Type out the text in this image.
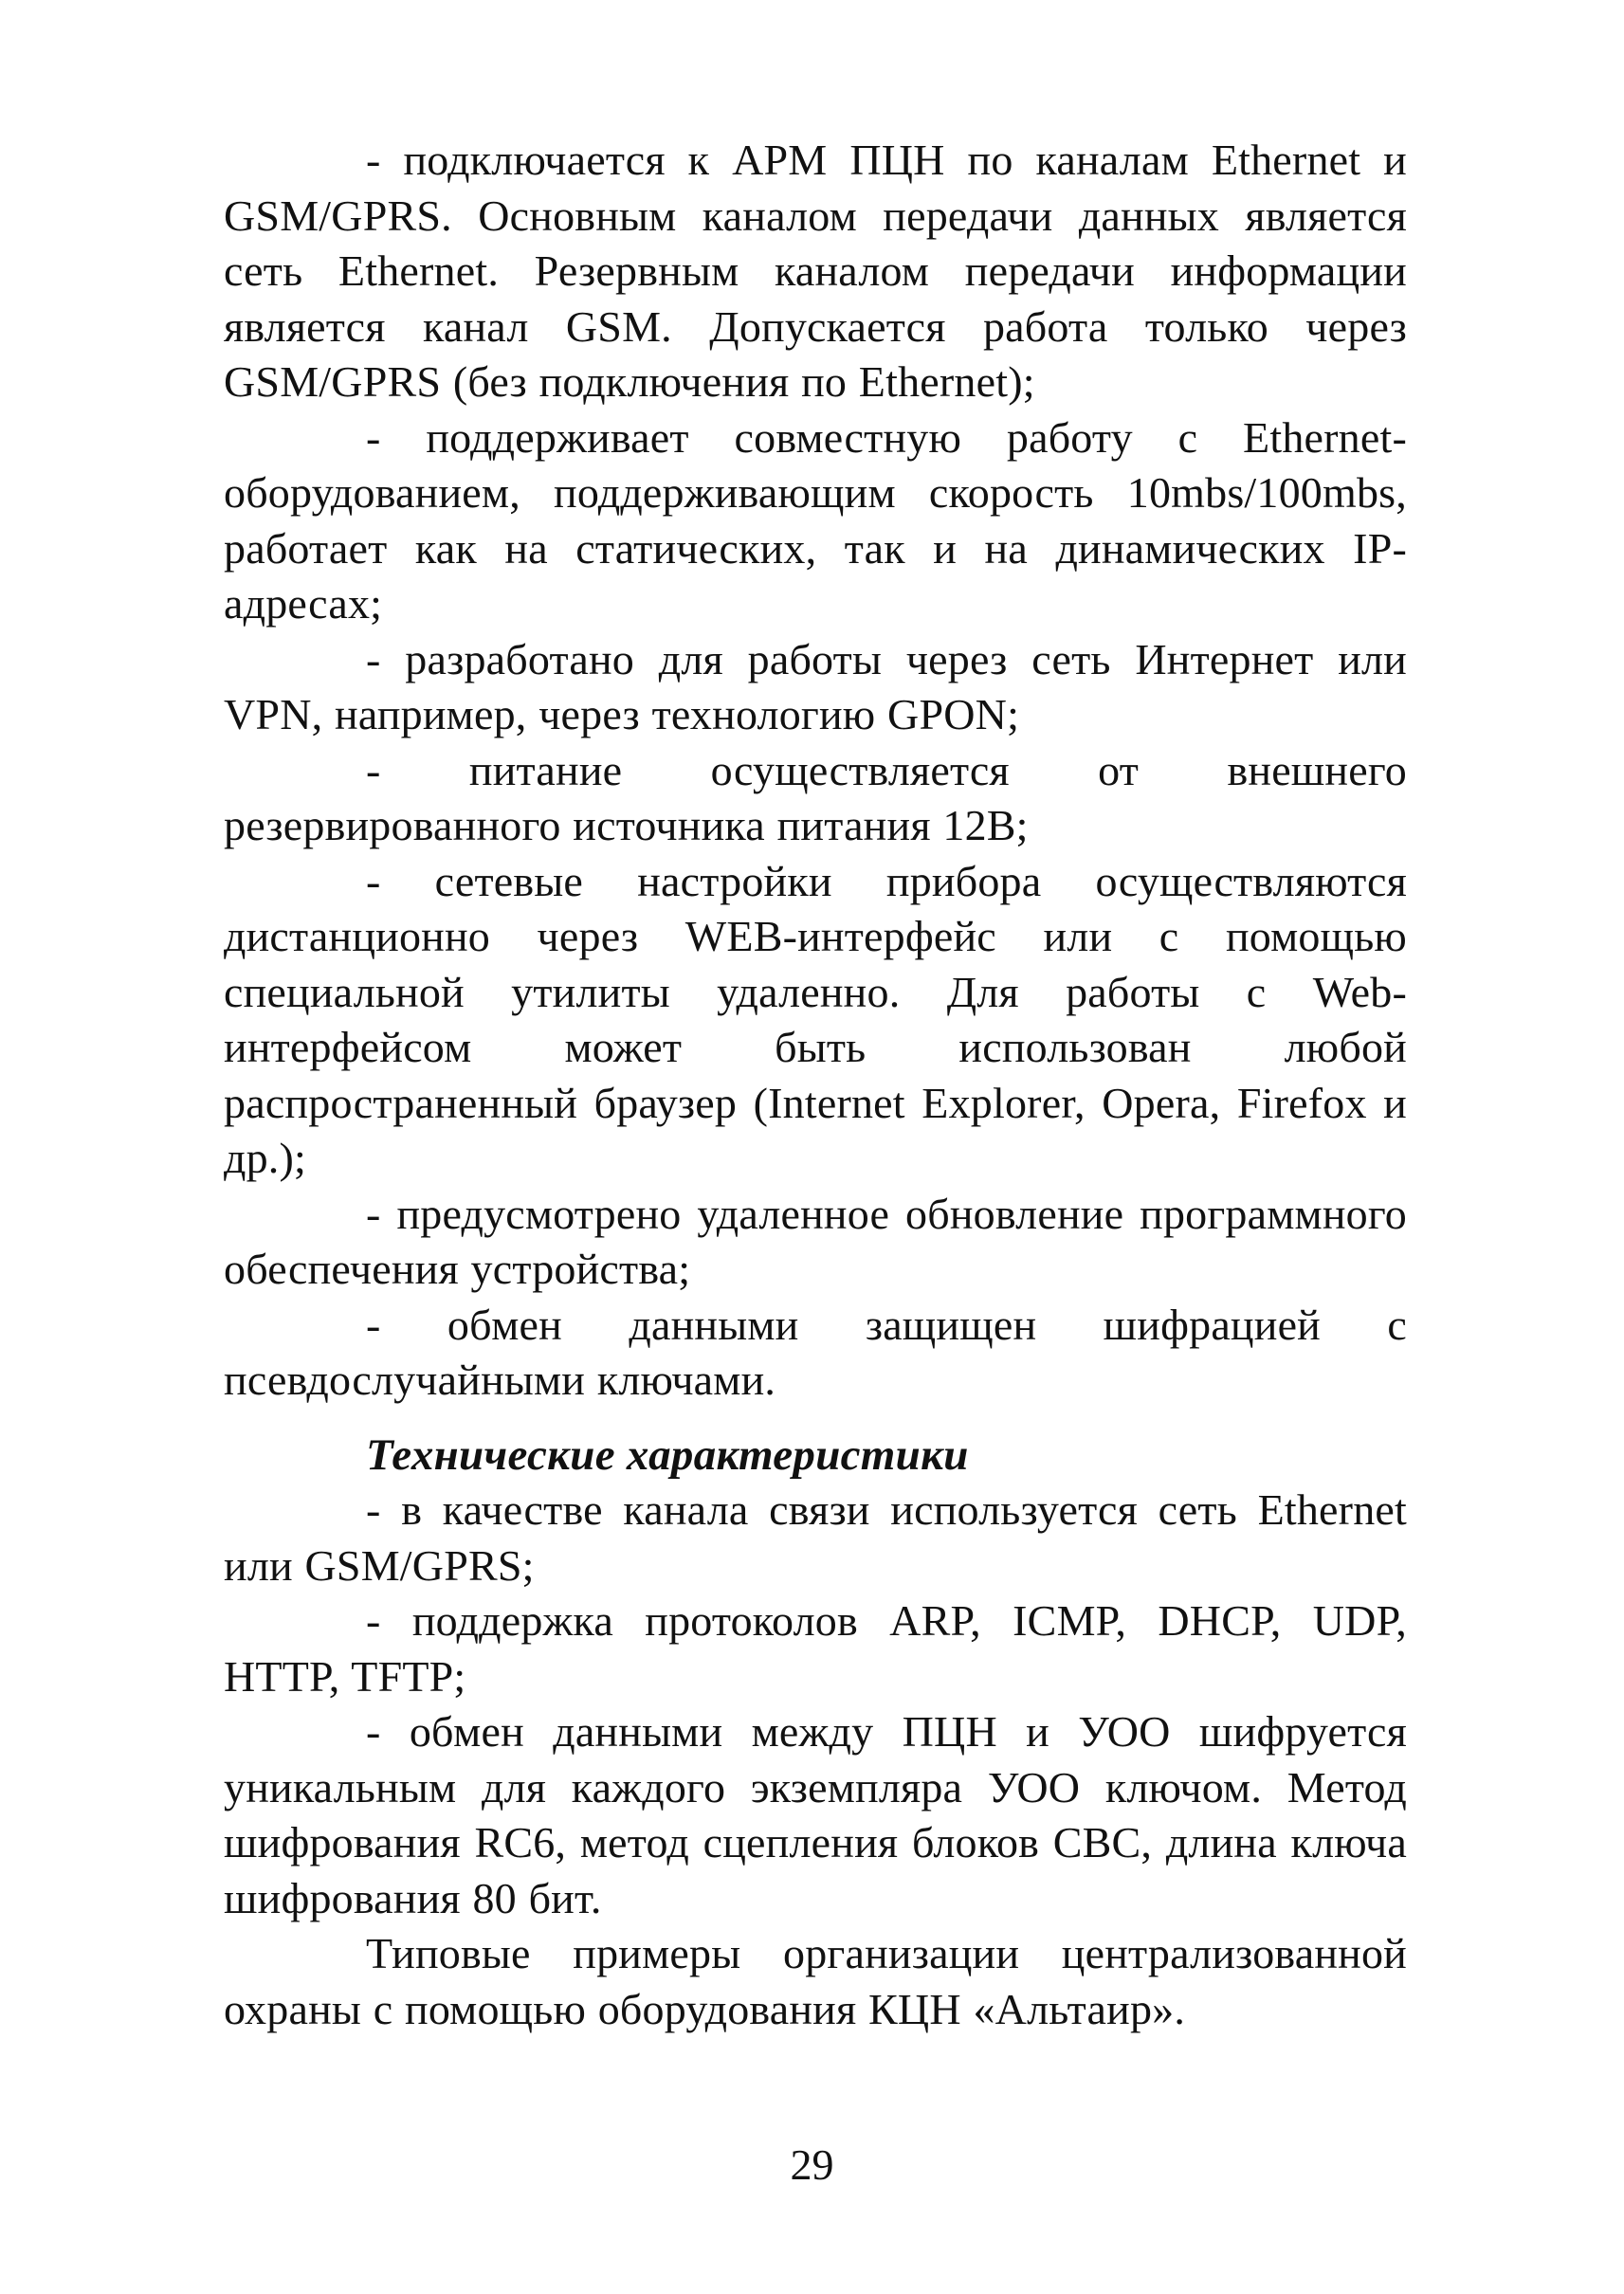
- подключается к АРМ ПЦН по каналам Ethernet и GSM/GPRS. Основным каналом передачи данных является сеть Ethernet. Резервным каналом передачи информации является канал GSM. Допускается работа только через GSM/GPRS (без подключения по Ethernet);

- поддерживает совместную работу с Ethernet-оборудованием, поддерживающим скорость 10mbs/100mbs, работает как на статических, так и на динамических IP-адресах;

- разработано для работы через сеть Интернет или VPN, например, через технологию GPON;

- питание осуществляется от внешнего резервированного источника питания 12В;

- сетевые настройки прибора осуществляются дистанционно через WEB-интерфейс или с помощью специальной утилиты удаленно. Для работы с Web-интерфейсом может быть использован любой распространенный браузер (Internet Explorer, Opera, Firefox и др.);

- предусмотрено удаленное обновление программного обеспечения устройства;

- обмен данными защищен шифрацией с псевдослучайными ключами.

Технические характеристики

- в качестве канала связи используется сеть Ethernet или GSM/GPRS;

- поддержка протоколов ARP, ICMP, DHCP, UDP, HTTP, TFTP;

- обмен данными между ПЦН и УОО шифруется уникальным для каждого экземпляра УОО ключом. Метод шифрования RC6, метод сцепления блоков CBC, длина ключа шифрования 80 бит.

Типовые примеры организации централизованной охраны с помощью оборудования КЦН «Альтаир».

29
